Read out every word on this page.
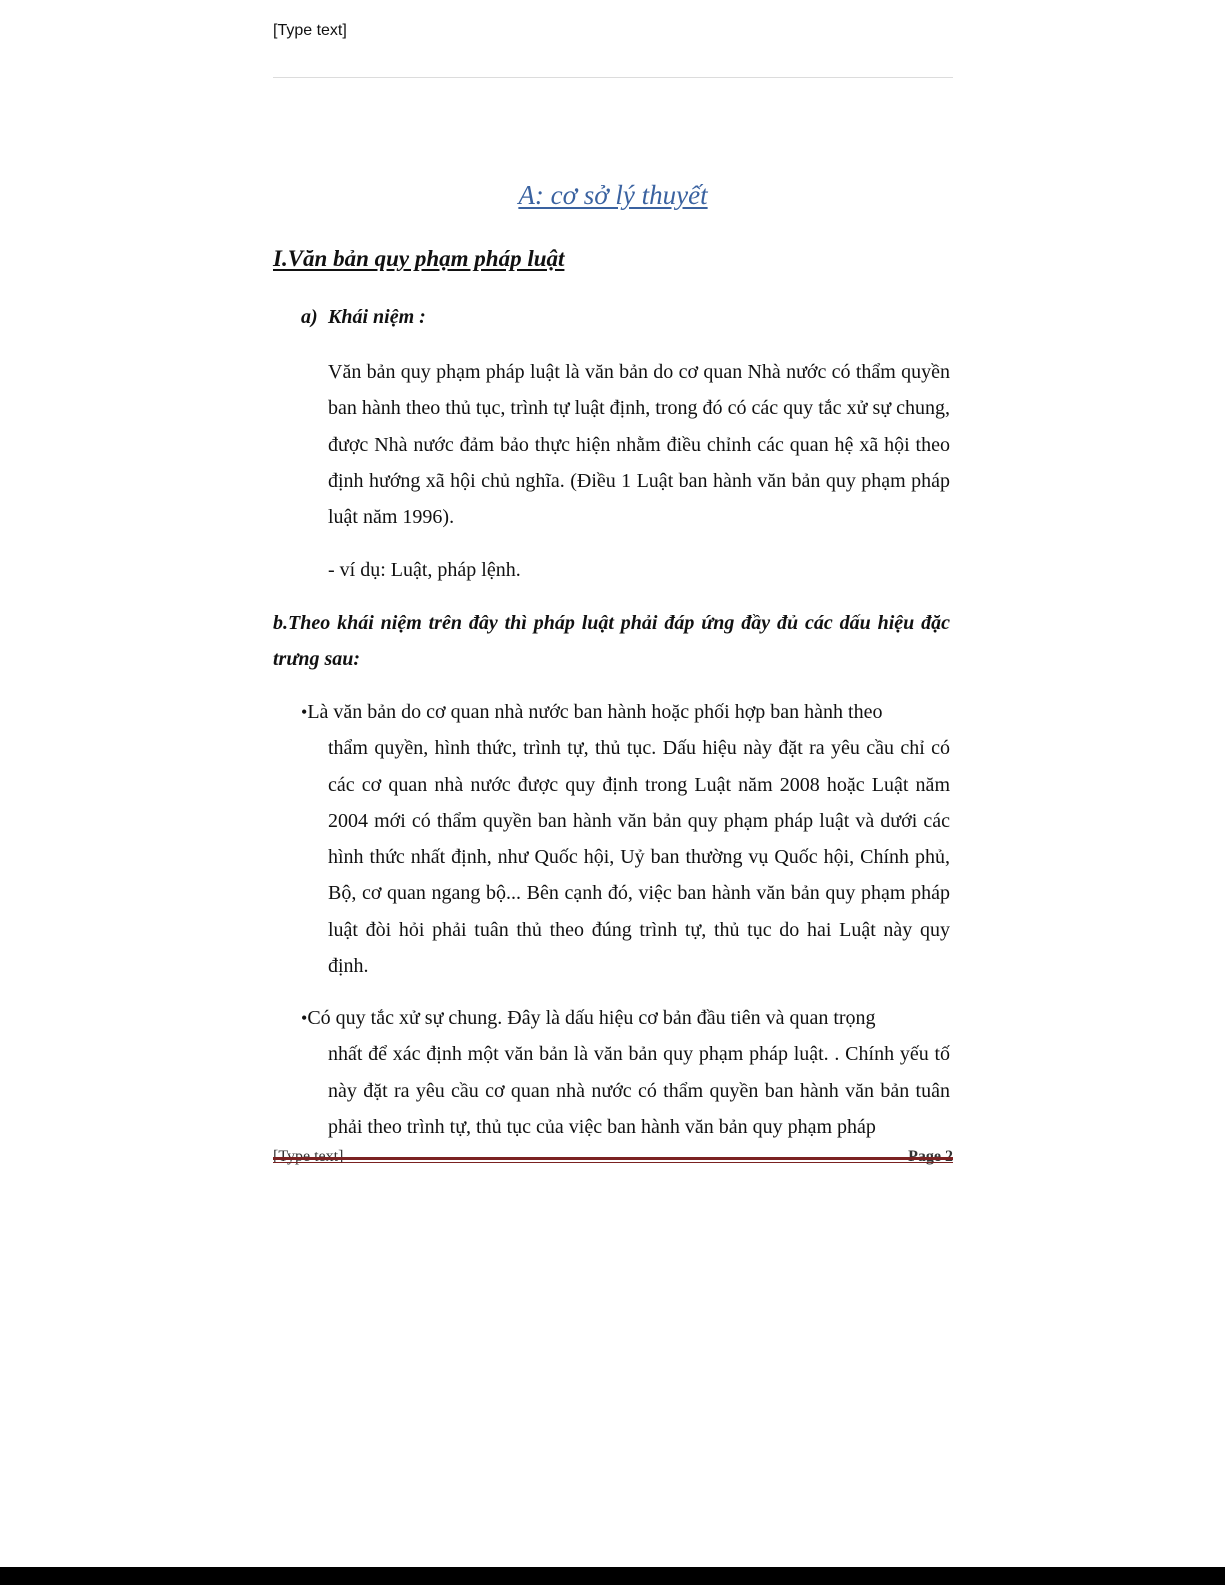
[Type text]
A: cơ sở lý thuyết
I.Văn bản quy phạm pháp luật
a) Khái niệm :
Văn bản quy phạm pháp luật là văn bản do cơ quan Nhà nước có thẩm quyền ban hành theo thủ tục, trình tự luật định, trong đó có các quy tắc xử sự chung, được Nhà nước đảm bảo thực hiện nhằm điều chỉnh các quan hệ xã hội theo định hướng xã hội chủ nghĩa. (Điều 1 Luật ban hành văn bản quy phạm pháp luật năm 1996).
- ví dụ: Luật, pháp lệnh.
b.Theo khái niệm trên đây thì pháp luật phải đáp ứng đầy đủ các dấu hiệu đặc trưng sau:
•Là văn bản do cơ quan nhà nước ban hành hoặc phối hợp ban hành theo
thẩm quyền, hình thức, trình tự, thủ tục. Dấu hiệu này đặt ra yêu cầu chỉ có các cơ quan nhà nước được quy định trong Luật năm 2008 hoặc Luật năm 2004 mới có thẩm quyền ban hành văn bản quy phạm pháp luật và dưới các hình thức nhất định, như Quốc hội, Uỷ ban thường vụ Quốc hội, Chính phủ, Bộ, cơ quan ngang bộ... Bên cạnh đó, việc ban hành văn bản quy phạm pháp luật đòi hỏi phải tuân thủ theo đúng trình tự, thủ tục do hai Luật này quy định.
•Có quy tắc xử sự chung. Đây là dấu hiệu cơ bản đầu tiên và quan trọng
nhất để xác định một văn bản là văn bản quy phạm pháp luật. . Chính yếu tố này đặt ra yêu cầu cơ quan nhà nước có thẩm quyền ban hành văn bản tuân phải theo trình tự, thủ tục của việc ban hành văn bản quy phạm pháp
